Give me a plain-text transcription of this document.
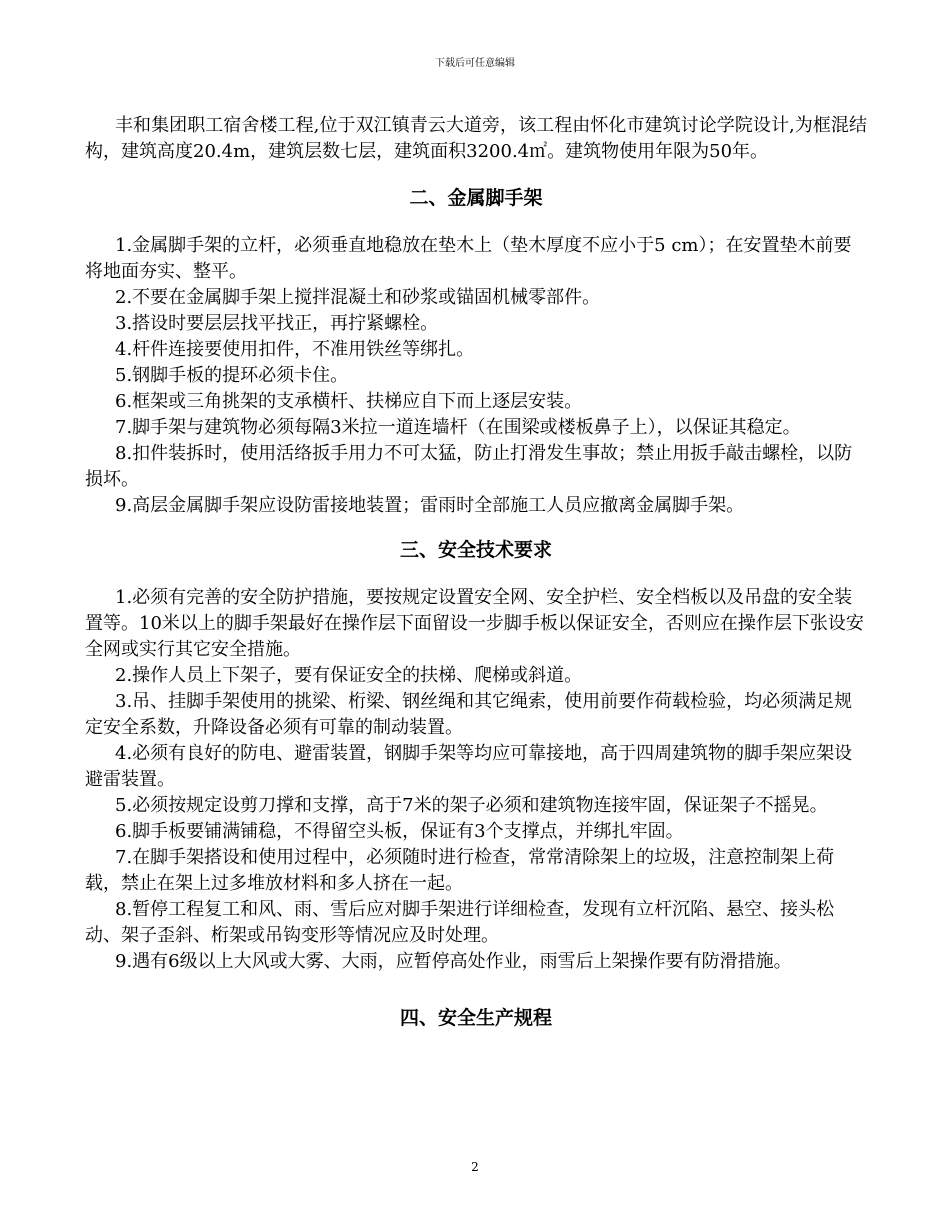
下载后可任意编辑

丰和集团职工宿舍楼工程,位于双江镇青云大道旁，该工程由怀化市建筑讨论学院设计,为框混结构，建筑高度20.4m，建筑层数七层，建筑面积3200.4㎡。建筑物使用年限为50年。

二、金属脚手架

1.金属脚手架的立杆，必须垂直地稳放在垫木上（垫木厚度不应小于5 cm）；在安置垫木前要将地面夯实、整平。

2.不要在金属脚手架上搅拌混凝土和砂浆或锚固机械零部件。

3.搭设时要层层找平找正，再拧紧螺栓。

4.杆件连接要使用扣件，不准用铁丝等绑扎。

5.钢脚手板的提环必须卡住。

6.框架或三角挑架的支承横杆、扶梯应自下而上逐层安装。

7.脚手架与建筑物必须每隔3米拉一道连墙杆（在围梁或楼板鼻子上），以保证其稳定。

8.扣件装拆时，使用活络扳手用力不可太猛，防止打滑发生事故；禁止用扳手敲击螺栓，以防损坏。

9.高层金属脚手架应设防雷接地装置；雷雨时全部施工人员应撤离金属脚手架。

三、安全技术要求

1.必须有完善的安全防护措施，要按规定设置安全网、安全护栏、安全档板以及吊盘的安全装置等。10米以上的脚手架最好在操作层下面留设一步脚手板以保证安全，否则应在操作层下张设安全网或实行其它安全措施。

2.操作人员上下架子，要有保证安全的扶梯、爬梯或斜道。

3.吊、挂脚手架使用的挑梁、桁梁、钢丝绳和其它绳索，使用前要作荷载检验，均必须满足规定安全系数，升降设备必须有可靠的制动装置。

4.必须有良好的防电、避雷装置，钢脚手架等均应可靠接地，高于四周建筑物的脚手架应架设避雷装置。

5.必须按规定设剪刀撑和支撑，高于7米的架子必须和建筑物连接牢固，保证架子不摇晃。

6.脚手板要铺满铺稳，不得留空头板，保证有3个支撑点，并绑扎牢固。

7.在脚手架搭设和使用过程中，必须随时进行检查，常常清除架上的垃圾，注意控制架上荷载，禁止在架上过多堆放材料和多人挤在一起。

8.暂停工程复工和风、雨、雪后应对脚手架进行详细检查，发现有立杆沉陷、悬空、接头松动、架子歪斜、桁架或吊钩变形等情况应及时处理。

9.遇有6级以上大风或大雾、大雨，应暂停高处作业，雨雪后上架操作要有防滑措施。

四、安全生产规程
2
